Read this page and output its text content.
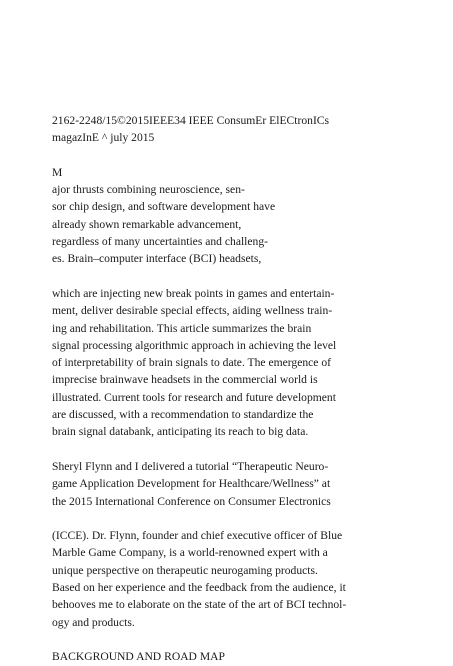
2162-2248/15©2015IEEE34 IEEE ConsumEr ElECtronICs
magazInE ^ july 2015
M
ajor thrusts combining neuroscience, sen-
sor chip design, and software development have
already shown remarkable advancement,
regardless of many uncertainties and challeng-
es. Brain–computer interface (BCI) headsets,
which are injecting new break points in games and entertain-
ment, deliver desirable special effects, aiding wellness train-
ing and rehabilitation. This article summarizes the brain
signal processing algorithmic approach in achieving the level
of interpretability of brain signals to date. The emergence of
imprecise brainwave headsets in the commercial world is
illustrated. Current tools for research and future development
are discussed, with a recommendation to standardize the
brain signal databank, anticipating its reach to big data.
Sheryl Flynn and I delivered a tutorial “Therapeutic Neuro-
game Application Development for Healthcare/Wellness” at
the 2015 International Conference on Consumer Electronics
(ICCE). Dr. Flynn, founder and chief executive officer of Blue
Marble Game Company, is a world-renowned expert with a
unique perspective on therapeutic neurogaming products.
Based on her experience and the feedback from the audience, it
behooves me to elaborate on the state of the art of BCI technol-
ogy and products.
BACKGROUND AND ROAD MAP
